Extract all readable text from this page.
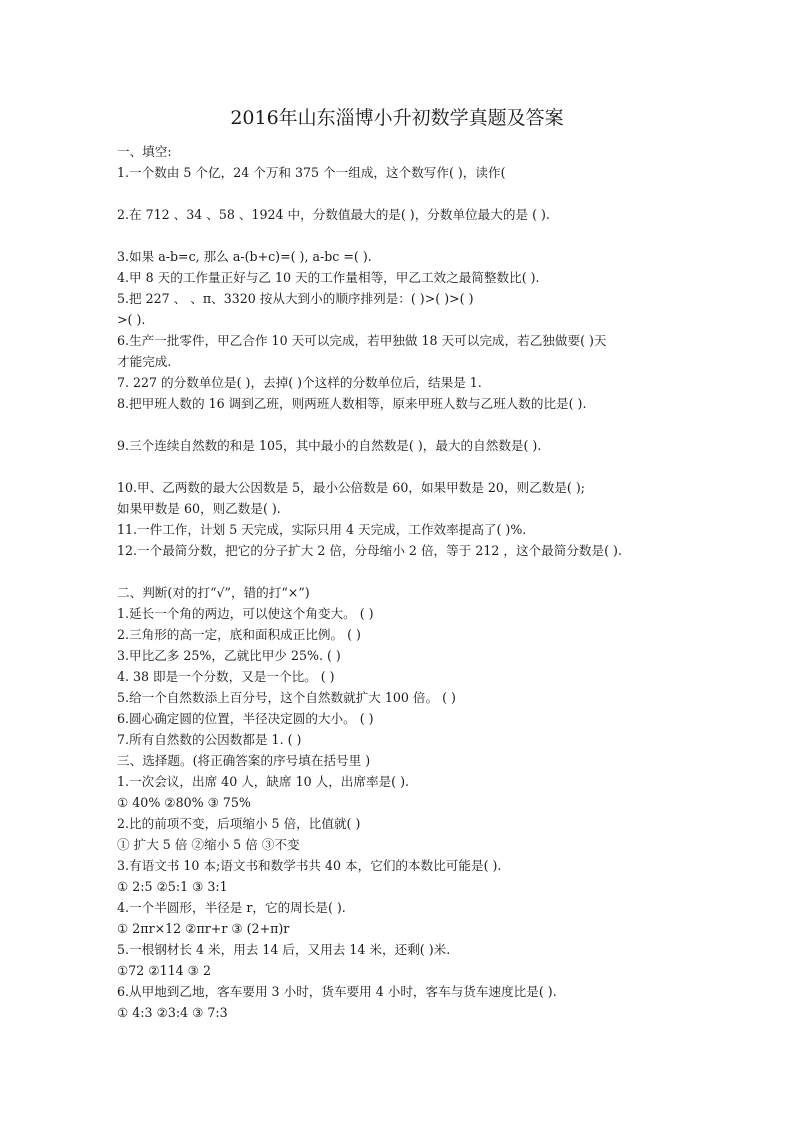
2016年山东淄博小升初数学真题及答案
一、填空:
1.一个数由 5 个亿，24 个万和 375 个一组成，这个数写作( )，读作(
2.在 712 、34 、58 、1924 中，分数值最大的是( )，分数单位最大的是 ( ).
3.如果 a-b=c, 那么 a-(b+c)=( ), a-bc =( ).
4.甲 8 天的工作量正好与乙 10 天的工作量相等，甲乙工效之最简整数比( ).
5.把 227 、 、π、3320 按从大到小的顺序排列是：( )>( )>( )
>( ).
6.生产一批零件，甲乙合作 10 天可以完成，若甲独做 18 天可以完成，若乙独做要( )天
才能完成.
7. 227 的分数单位是( )，去掉( )个这样的分数单位后，结果是 1.
8.把甲班人数的 16 调到乙班，则两班人数相等，原来甲班人数与乙班人数的比是( ).
9.三个连续自然数的和是 105，其中最小的自然数是( )，最大的自然数是( ).
10.甲、乙两数的最大公因数是 5，最小公倍数是 60，如果甲数是 20，则乙数是( );
如果甲数是 60，则乙数是( ).
11.一件工作，计划 5 天完成，实际只用 4 天完成，工作效率提高了( )%.
12.一个最简分数，把它的分子扩大 2 倍，分母缩小 2 倍，等于 212 ，这个最简分数是( ).
二、判断(对的打“√”，错的打“×”)
1.延长一个角的两边，可以使这个角变大。 ( )
2.三角形的高一定，底和面积成正比例。 ( )
3.甲比乙多 25%，乙就比甲少 25%. ( )
4. 38 即是一个分数，又是一个比。 ( )
5.给一个自然数添上百分号，这个自然数就扩大 100 倍。 ( )
6.圆心确定圆的位置，半径决定圆的大小。 ( )
7.所有自然数的公因数都是 1. ( )
三、选择题。(将正确答案的序号填在括号里 )
1.一次会议，出席 40 人，缺席 10 人，出席率是( ).
① 40% ②80% ③ 75%
2.比的前项不变，后项缩小 5 倍，比值就( )
① 扩大 5 倍 ②缩小 5 倍 ③不变
3.有语文书 10 本;语文书和数学书共 40 本，它们的本数比可能是( ).
① 2:5 ②5:1 ③ 3:1
4.一个半圆形，半径是 r，它的周长是( ).
① 2πr×12 ②πr+r ③ (2+π)r
5.一根钢材长 4 米，用去 14 后，又用去 14 米，还剩( )米.
①72 ②114 ③ 2
6.从甲地到乙地，客车要用 3 小时，货车要用 4 小时，客车与货车速度比是( ).
① 4:3 ②3:4 ③ 7:3
